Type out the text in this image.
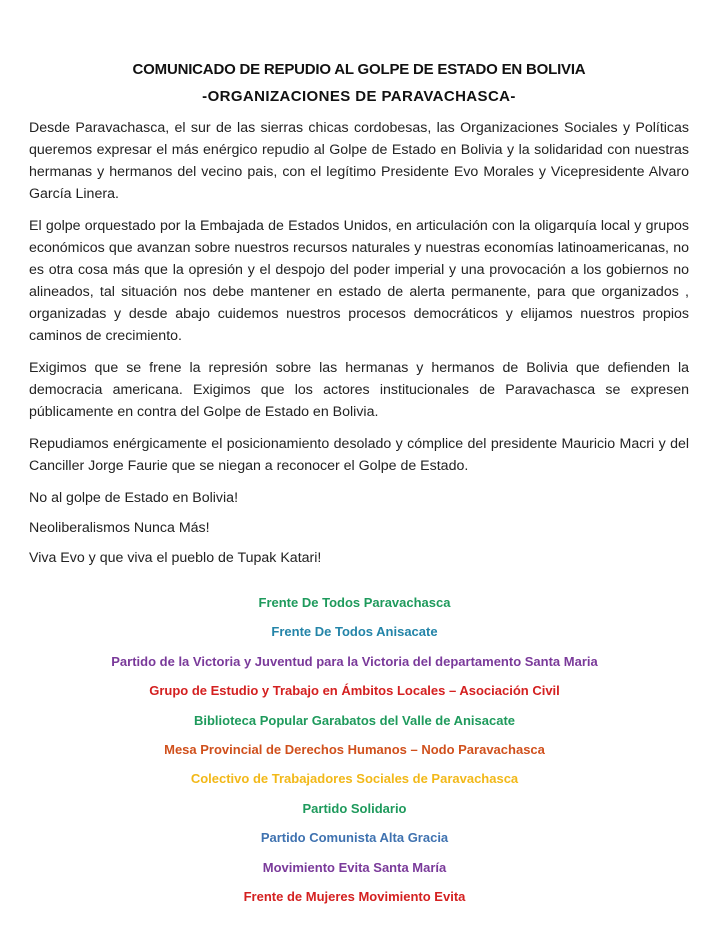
COMUNICADO DE REPUDIO AL GOLPE DE ESTADO EN BOLIVIA
-ORGANIZACIONES DE PARAVACHASCA-

Desde Paravachasca, el sur de las sierras chicas cordobesas, las Organizaciones Sociales y Políticas queremos expresar el más enérgico repudio al Golpe de Estado en Bolivia y la solidaridad con nuestras hermanas y hermanos del vecino pais, con el legítimo Presidente Evo Morales y Vicepresidente Alvaro García Linera.

El golpe orquestado por la Embajada de Estados Unidos, en articulación con la oligarquía local y grupos económicos que avanzan sobre nuestros recursos naturales y nuestras economías latinoamericanas, no es otra cosa más que la opresión y el despojo del poder imperial y una provocación a los gobiernos no alineados, tal situación nos debe mantener en estado de alerta permanente, para que organizados , organizadas y desde abajo cuidemos nuestros procesos democráticos y elijamos nuestros propios caminos de crecimiento.

Exigimos que se frene la represión sobre las hermanas y hermanos de Bolivia que defienden la democracia americana. Exigimos que los actores institucionales de Paravachasca se expresen públicamente en contra del Golpe de Estado en Bolivia.

Repudiamos enérgicamente el posicionamiento desolado y cómplice del presidente Mauricio Macri y del Canciller Jorge Faurie que se niegan a reconocer el Golpe de Estado.

No al golpe de Estado en Bolivia!

Neoliberalismos Nunca Más!

Viva Evo y que viva el pueblo de Tupak Katari!

Frente De Todos Paravachasca
Frente De Todos Anisacate
Partido de la Victoria y Juventud para la Victoria del departamento Santa Maria
Grupo de Estudio y Trabajo en Ámbitos Locales – Asociación Civil
Biblioteca Popular Garabatos del Valle de Anisacate
Mesa Provincial de Derechos Humanos – Nodo Paravachasca
Colectivo de Trabajadores Sociales de Paravachasca
Partido Solidario
Partido Comunista Alta Gracia
Movimiento Evita Santa María
Frente de Mujeres Movimiento Evita
